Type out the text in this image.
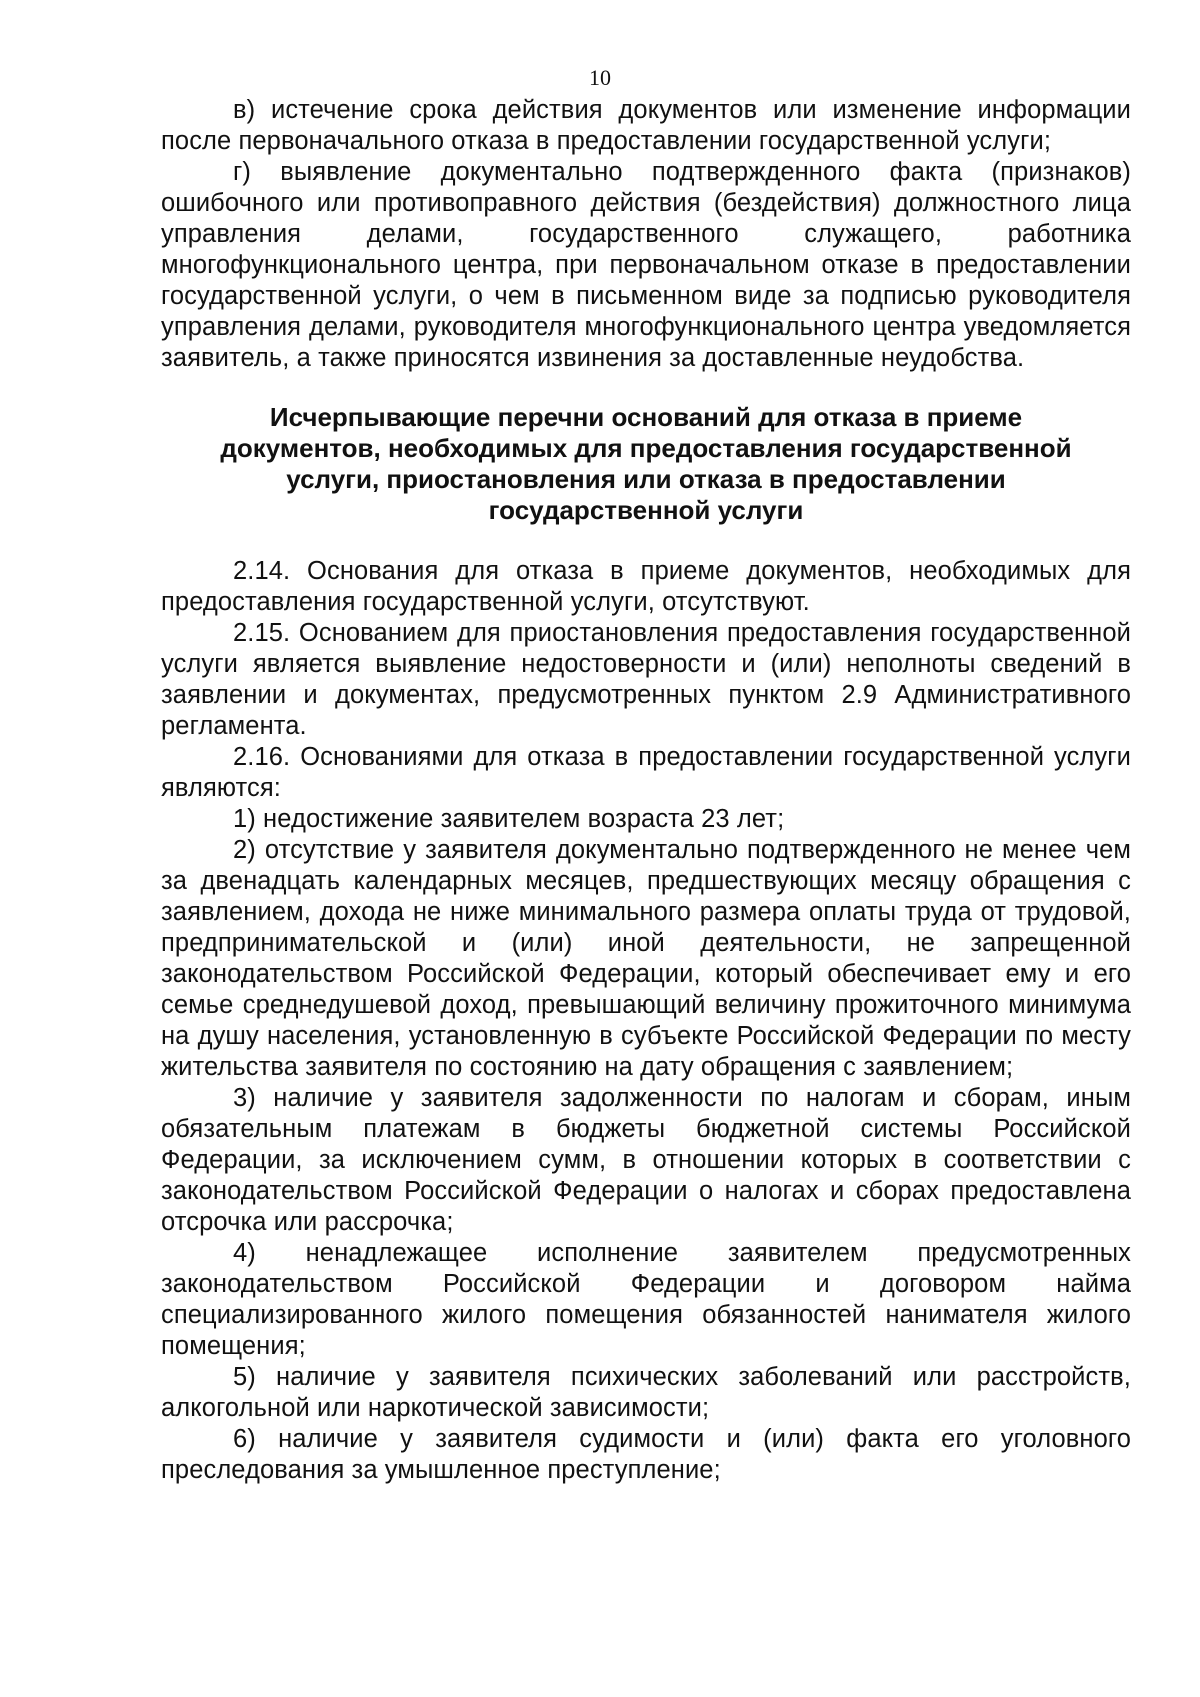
10

в) истечение срока действия документов или изменение информации после первоначального отказа в предоставлении государственной услуги;

г) выявление документально подтвержденного факта (признаков) ошибочного или противоправного действия (бездействия) должностного лица управления делами, государственного служащего, работника многофункционального центра, при первоначальном отказе в предоставлении государственной услуги, о чем в письменном виде за подписью руководителя управления делами, руководителя многофункционального центра уведомляется заявитель, а также приносятся извинения за доставленные неудобства.

Исчерпывающие перечни оснований для отказа в приеме документов, необходимых для предоставления государственной услуги, приостановления или отказа в предоставлении государственной услуги

2.14. Основания для отказа в приеме документов, необходимых для предоставления государственной услуги, отсутствуют.

2.15. Основанием для приостановления предоставления государственной услуги является выявление недостоверности и (или) неполноты сведений в заявлении и документах, предусмотренных пунктом 2.9 Административного регламента.

2.16. Основаниями для отказа в предоставлении государственной услуги являются:

1) недостижение заявителем возраста 23 лет;

2) отсутствие у заявителя документально подтвержденного не менее чем за двенадцать календарных месяцев, предшествующих месяцу обращения с заявлением, дохода не ниже минимального размера оплаты труда от трудовой, предпринимательской и (или) иной деятельности, не запрещенной законодательством Российской Федерации, который обеспечивает ему и его семье среднедушевой доход, превышающий величину прожиточного минимума на душу населения, установленную в субъекте Российской Федерации по месту жительства заявителя по состоянию на дату обращения с заявлением;

3) наличие у заявителя задолженности по налогам и сборам, иным обязательным платежам в бюджеты бюджетной системы Российской Федерации, за исключением сумм, в отношении которых в соответствии с законодательством Российской Федерации о налогах и сборах предоставлена отсрочка или рассрочка;

4) ненадлежащее исполнение заявителем предусмотренных законодательством Российской Федерации и договором найма специализированного жилого помещения обязанностей нанимателя жилого помещения;

5) наличие у заявителя психических заболеваний или расстройств, алкогольной или наркотической зависимости;

6) наличие у заявителя судимости и (или) факта его уголовного преследования за умышленное преступление;
